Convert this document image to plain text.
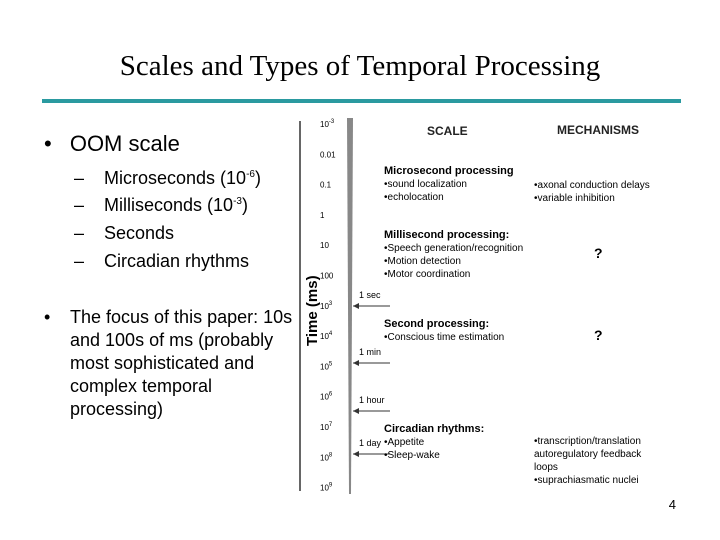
Scales and Types of Temporal Processing
• OOM scale
– Microseconds $(10^{-6})$
– Milliseconds $(10^{-3})$
– Seconds
– Circadian rhythms
• The focus of this paper: 10s and 100s of ms (probably most sophisticated and complex temporal processing)
Time (ms)
$10^{-3}$
0.01
0.1
1
10
100
$10^3$
$10^4$
$10^5$
$10^6$
$10^7$
$10^8$
$10^9$
1 sec
1 min
1 hour
1 day
SCALE	MECHANISMS
Microsecond processing
•sound localization
•echolocation
•axonal conduction delays
•variable inhibition
Millisecond processing:
•Speech generation/recognition
•Motion detection
•Motor coordination
?
Second processing:
•Conscious time estimation	?
Circadian rhythms:
•Appetite
•Sleep-wake
•transcription/translation
autoregulatory feedback
loops
•suprachiasmatic nuclei
4
